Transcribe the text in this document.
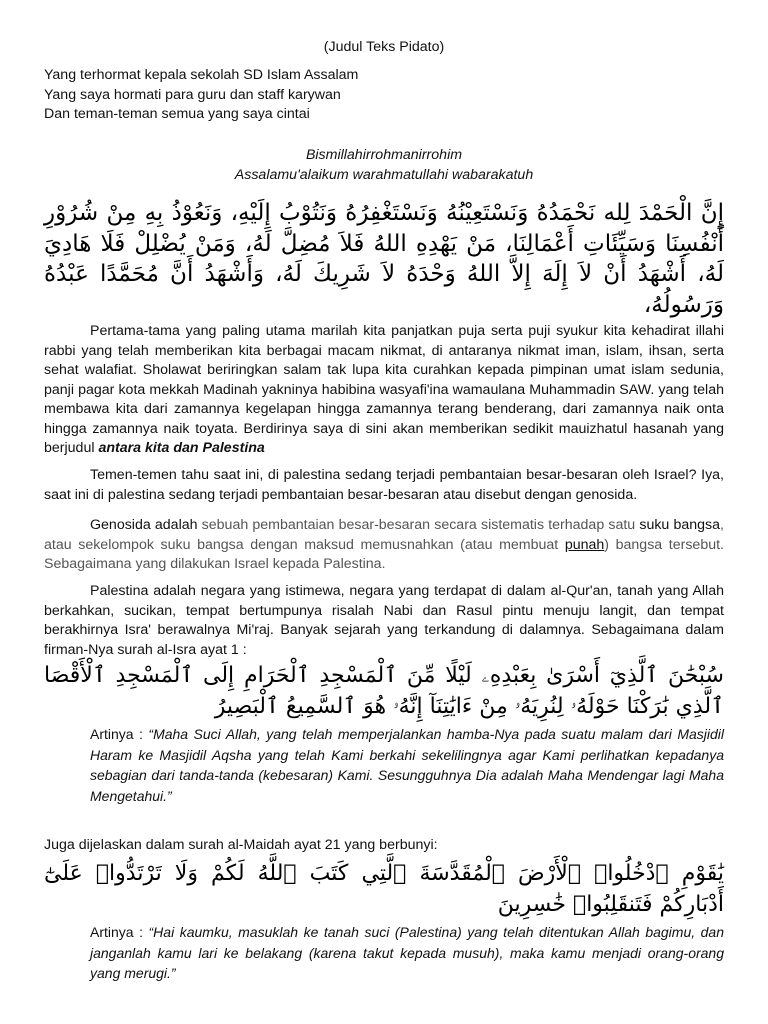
(Judul Teks Pidato)
Yang terhormat kepala sekolah SD Islam Assalam
Yang saya hormati para guru dan staff karywan
Dan teman-teman semua yang saya cintai
Bismillahirrohmanirrohim
Assalamu'alaikum warahmatullahi wabarakatuh
إِنَّ الْحَمْدَ لِله نَحْمَدُهُ وَنَسْتَعِيْنُهُ وَنَسْتَغْفِرُهُ وَنَتُوْبُ إِلَيْهِ، وَنَعُوْذُ بِهِ مِنْ شُرُوْرِ أَنْفُسِنَا وَسَيِّئَاتِ أَعْمَالِنَا، مَنْ يَهْدِهِ اللهُ فَلاَ مُضِلَّ لَهُ، وَمَنْ يُضْلِلْ فَلَا هَادِيَ لَهُ، أَشْهَدُ أَنْ لاَ إِلَهَ إِلاَّ اللهُ وَحْدَهُ لاَ شَرِيكَ لَهُ، وَأَشْهَدُ أَنَّ مُحَمَّدًا عَبْدُهُ وَرَسُولُهُ،
Pertama-tama yang paling utama marilah kita panjatkan puja serta puji syukur kita kehadirat illahi rabbi yang telah memberikan kita berbagai macam nikmat, di antaranya nikmat iman, islam, ihsan, serta sehat walafiat. Sholawat beriringkan salam tak lupa kita curahkan kepada pimpinan umat islam sedunia, panji pagar kota mekkah Madinah yakninya habibina wasyafi'ina wamaulana Muhammadin SAW. yang telah membawa kita dari zamannya kegelapan hingga zamannya terang benderang, dari zamannya naik onta hingga zamannya naik toyata. Berdirinya saya di sini akan memberikan sedikit mauizhatul hasanah yang berjudul antara kita dan Palestina
Temen-temen tahu saat ini, di palestina sedang terjadi pembantaian besar-besaran oleh Israel? Iya, saat ini di palestina sedang terjadi pembantaian besar-besaran atau disebut dengan genosida.
Genosida adalah sebuah pembantaian besar-besaran secara sistematis terhadap satu suku bangsa, atau sekelompok suku bangsa dengan maksud memusnahkan (atau membuat punah) bangsa tersebut. Sebagaimana yang dilakukan Israel kepada Palestina.
Palestina adalah negara yang istimewa, negara yang terdapat di dalam al-Qur'an, tanah yang Allah berkahkan, sucikan, tempat bertumpunya risalah Nabi dan Rasul pintu menuju langit, dan tempat berakhirnya Isra' berawalnya Mi'raj. Banyak sejarah yang terkandung di dalamnya. Sebagaimana dalam firman-Nya surah al-Isra ayat 1 :
سُبْحَٰنَ ٱلَّذِيٓ أَسْرَىٰ بِعَبْدِهِۦ لَيْلًا مِّنَ ٱلْمَسْجِدِ ٱلْحَرَامِ إِلَى ٱلْمَسْجِدِ ٱلْأَقْصَا ٱلَّذِي بَٰرَكْنَا حَوْلَهُۥ لِنُرِيَهُۥ مِنْ ءَايَٰتِنَآ إِنَّهُۥ هُوَ ٱلسَّمِيعُ ٱلْبَصِيرُ
Artinya : “Maha Suci Allah, yang telah memperjalankan hamba-Nya pada suatu malam dari Masjidil Haram ke Masjidil Aqsha yang telah Kami berkahi sekelilingnya agar Kami perlihatkan kepadanya sebagian dari tanda-tanda (kebesaran) Kami. Sesungguhnya Dia adalah Maha Mendengar lagi Maha Mengetahui.”
Juga dijelaskan dalam surah al-Maidah ayat 21 yang berbunyi:
يَٰقَوْمِ ٱدْخُلُوا۟ ٱلْأَرْضَ ٱلْمُقَدَّسَةَ ٱلَّتِي كَتَبَ ٱللَّهُ لَكُمْ وَلَا تَرْتَدُّوا۟ عَلَىٰٓ أَدْبَارِكُمْ فَتَنقَلِبُوا۟ خَٰسِرِينَ
Artinya : “Hai kaumku, masuklah ke tanah suci (Palestina) yang telah ditentukan Allah bagimu, dan janganlah kamu lari ke belakang (karena takut kepada musuh), maka kamu menjadi orang-orang yang merugi.”
